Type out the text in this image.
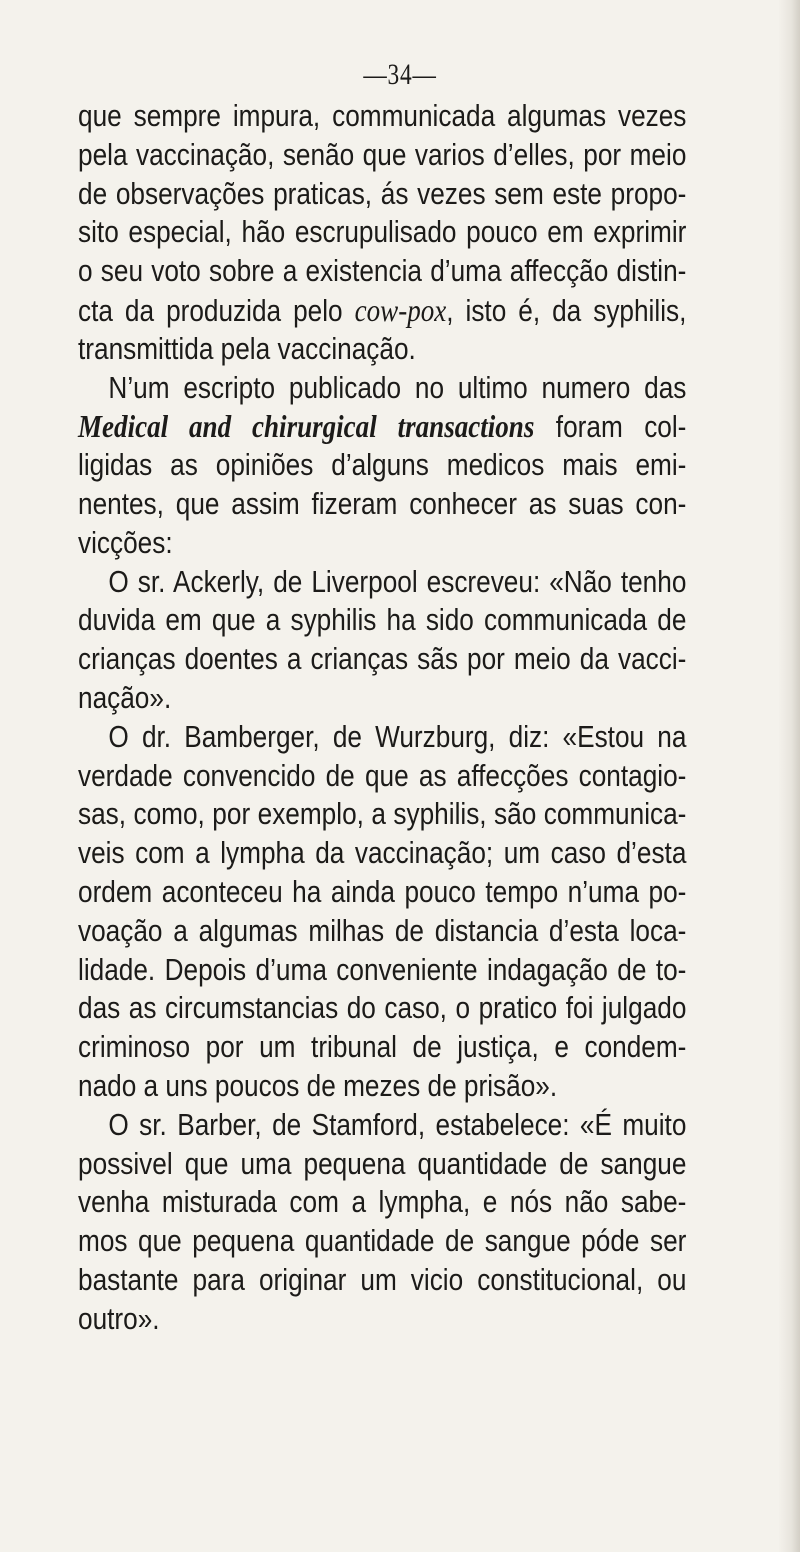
—34—
que sempre impura, communicada algumas vezes
pela vaccinação, senão que varios d’elles, por meio
de observações praticas, ás vezes sem este propo-
sito especial, hão escrupulisado pouco em exprimir
o seu voto sobre a existencia d’uma affecção distin-
cta da produzida pelo cow-pox, isto é, da syphilis,
transmittida pela vaccinação.
N’um escripto publicado no ultimo numero das
Medical and chirurgical transactions foram col-
ligidas as opiniões d’alguns medicos mais emi-
nentes, que assim fizeram conhecer as suas con-
vicções:
O sr. Ackerly, de Liverpool escreveu: «Não tenho
duvida em que a syphilis ha sido communicada de
crianças doentes a crianças sãs por meio da vacci-
nação».
O dr. Bamberger, de Wurzburg, diz: «Estou na
verdade convencido de que as affecções contagio-
sas, como, por exemplo, a syphilis, são communica-
veis com a lympha da vaccinação; um caso d’esta
ordem aconteceu ha ainda pouco tempo n’uma po-
voação a algumas milhas de distancia d’esta loca-
lidade. Depois d’uma conveniente indagação de to-
das as circumstancias do caso, o pratico foi julgado
criminoso por um tribunal de justiça, e condem-
nado a uns poucos de mezes de prisão».
O sr. Barber, de Stamford, estabelece: «É muito
possivel que uma pequena quantidade de sangue
venha misturada com a lympha, e nós não sabe-
mos que pequena quantidade de sangue póde ser
bastante para originar um vicio constitucional, ou
outro».
